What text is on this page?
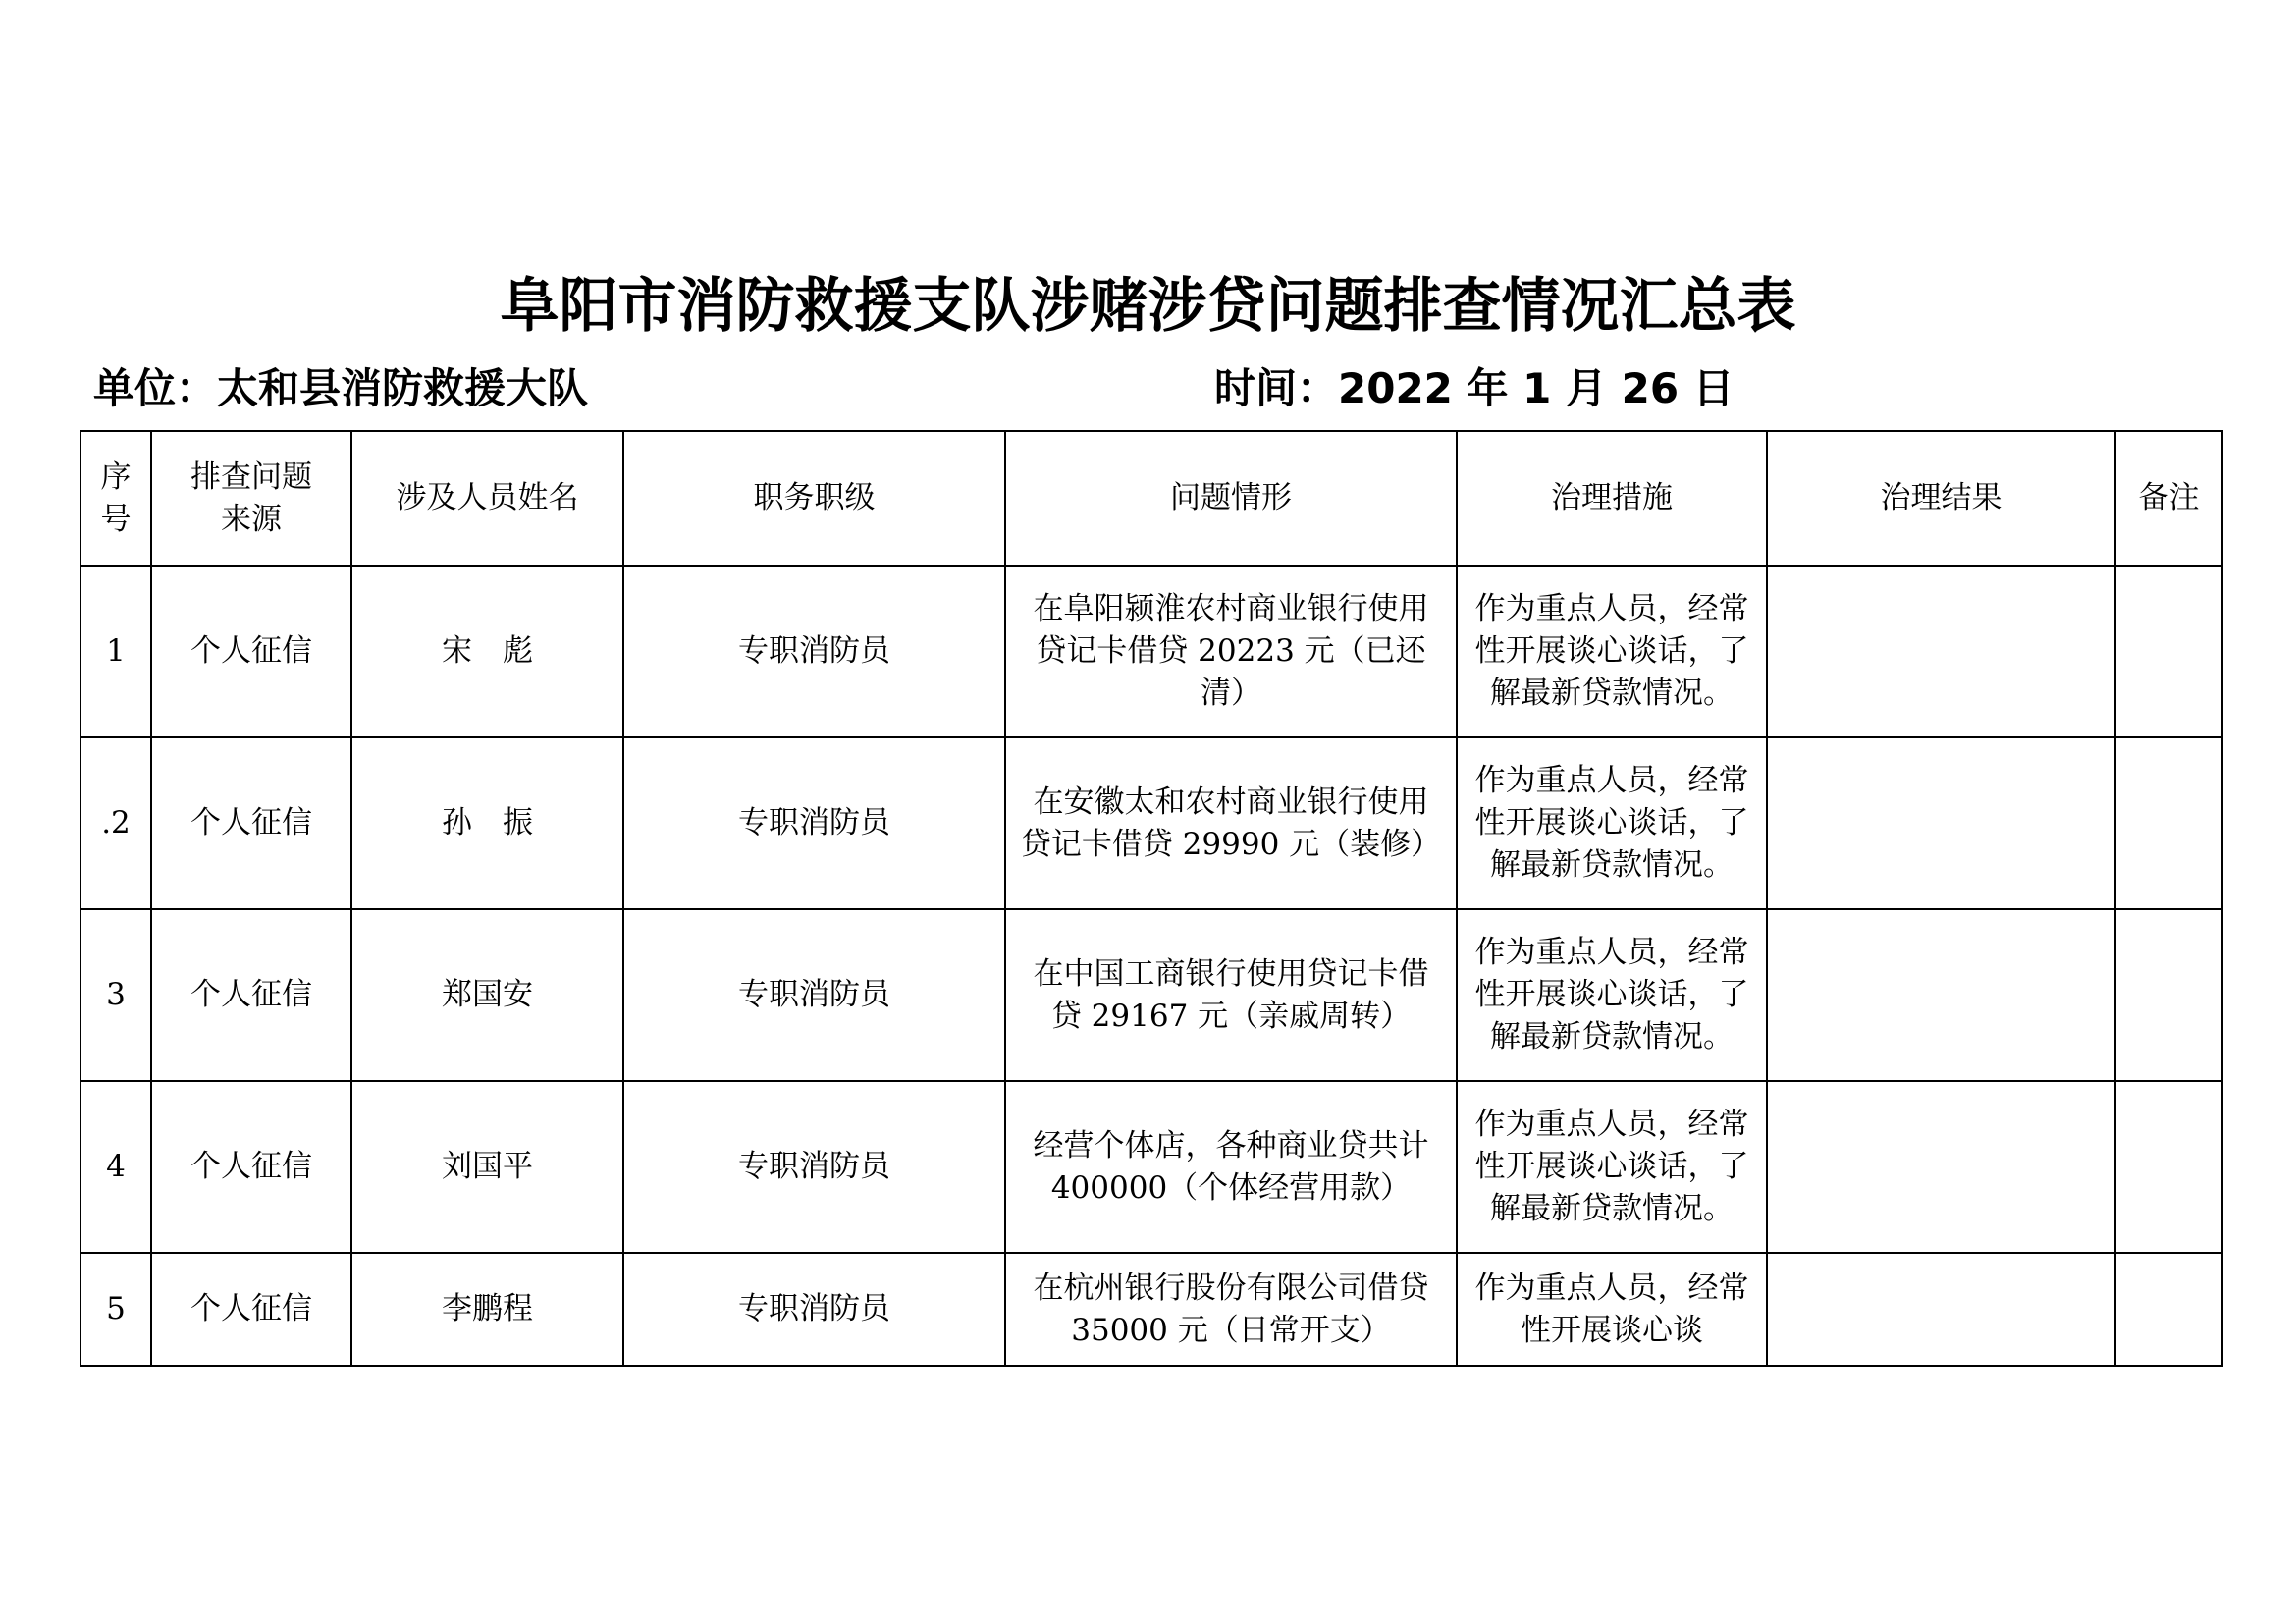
阜阳市消防救援支队涉赌涉贷问题排查情况汇总表
单位：太和县消防救援大队	时间：2022 年 1 月 26 日
序号	排查问题来源	涉及人员姓名	职务职级	问题情形	治理措施	治理结果	备注
1	个人征信	宋　彪	专职消防员	在阜阳颍淮农村商业银行使用贷记卡借贷 20223 元（已还清）	作为重点人员，经常性开展谈心谈话，了解最新贷款情况。		
.2	个人征信	孙　振	专职消防员	在安徽太和农村商业银行使用贷记卡借贷 29990 元（装修）	作为重点人员，经常性开展谈心谈话，了解最新贷款情况。		
3	个人征信	郑国安	专职消防员	在中国工商银行使用贷记卡借贷 29167 元（亲戚周转）	作为重点人员，经常性开展谈心谈话，了解最新贷款情况。		
4	个人征信	刘国平	专职消防员	经营个体店，各种商业贷共计 400000（个体经营用款）	作为重点人员，经常性开展谈心谈话，了解最新贷款情况。		
5	个人征信	李鹏程	专职消防员	在杭州银行股份有限公司借贷 35000 元（日常开支）	作为重点人员，经常性开展谈心谈		
